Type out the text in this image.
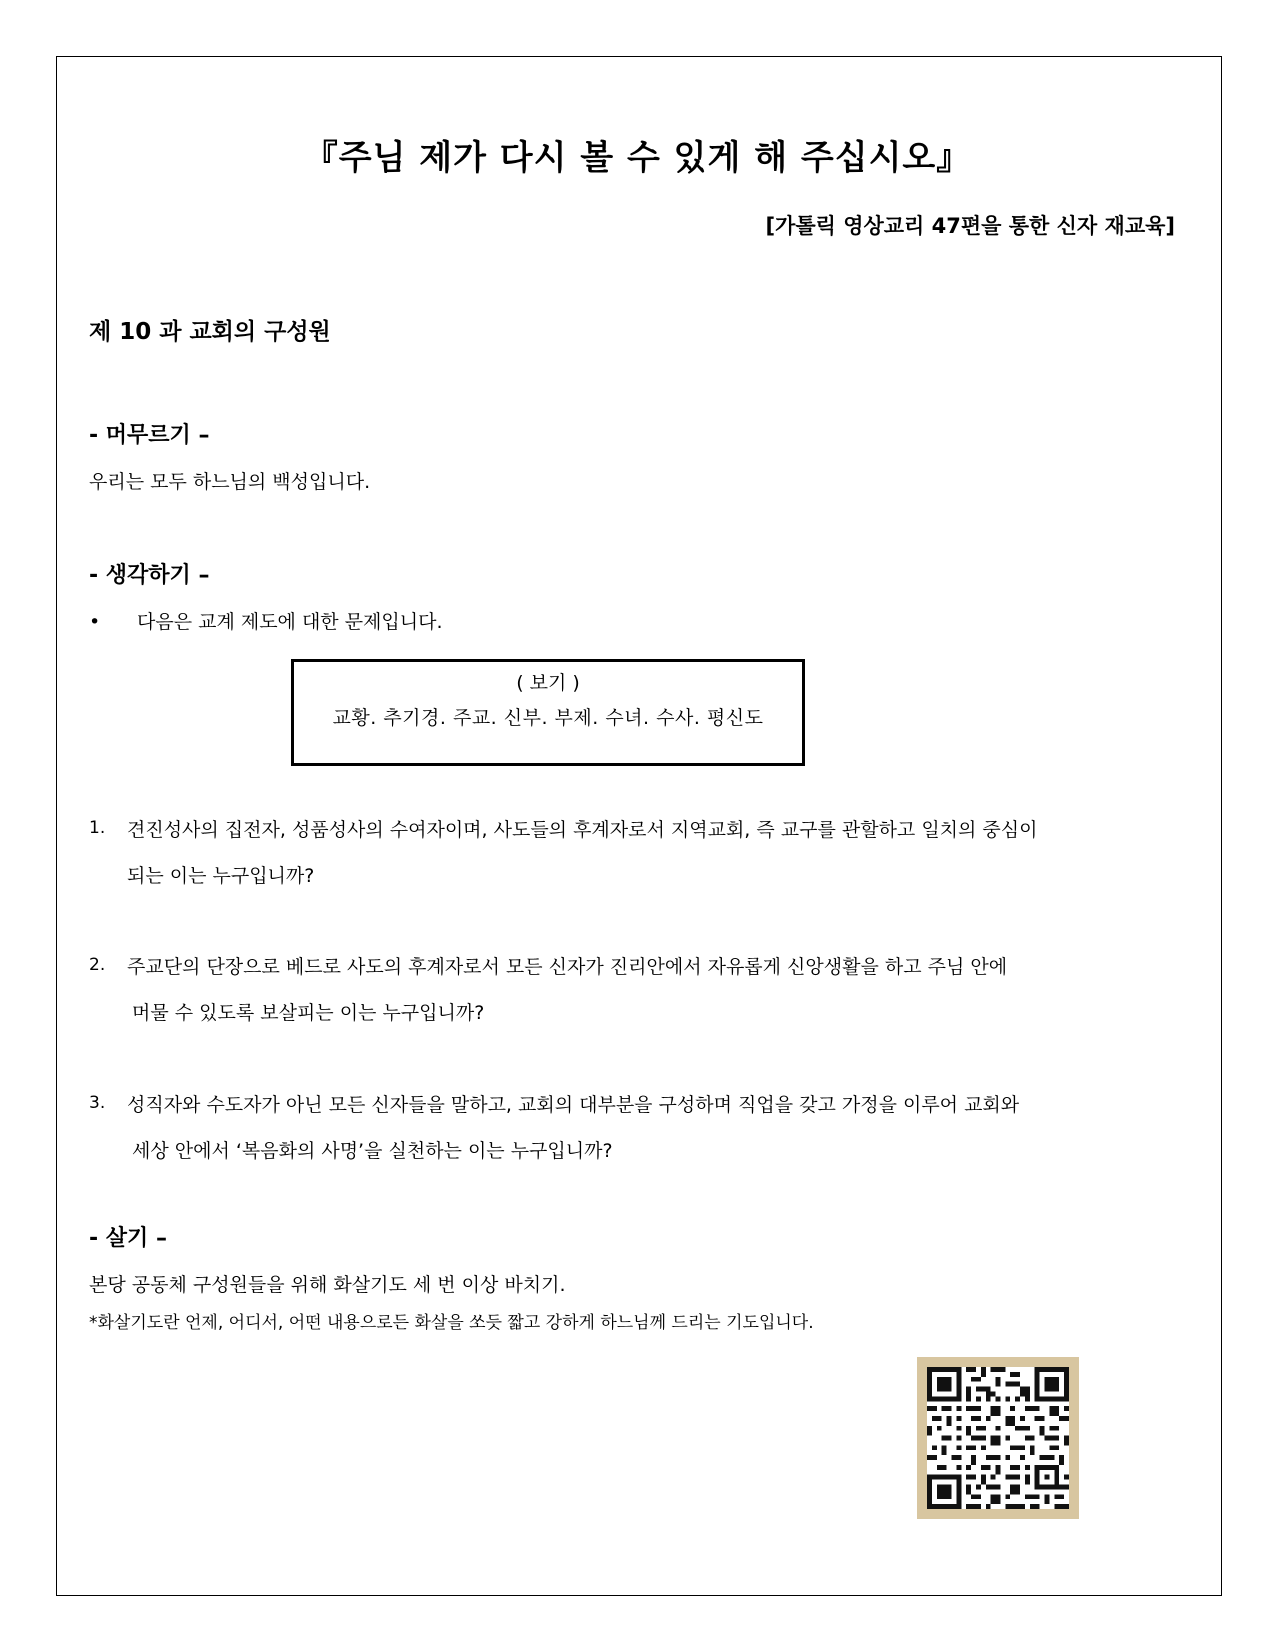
『주님 제가 다시 볼 수 있게 해 주십시오』
[가톨릭 영상교리 47편을 통한 신자 재교육]
제 10 과 교회의 구성원
- 머무르기 –
우리는 모두 하느님의 백성입니다.
- 생각하기 –
• 다음은 교계 제도에 대한 문제입니다.
( 보기 )
교황. 추기경. 주교. 신부. 부제. 수녀. 수사. 평신도
1. 견진성사의 집전자, 성품성사의 수여자이며, 사도들의 후계자로서 지역교회, 즉 교구를 관할하고 일치의 중심이
되는 이는 누구입니까?
2. 주교단의 단장으로 베드로 사도의 후계자로서 모든 신자가 진리안에서 자유롭게 신앙생활을 하고 주님 안에
머물 수 있도록 보살피는 이는 누구입니까?
3. 성직자와 수도자가 아닌 모든 신자들을 말하고, 교회의 대부분을 구성하며 직업을 갖고 가정을 이루어 교회와
세상 안에서 ‘복음화의 사명’을 실천하는 이는 누구입니까?
- 살기 –
본당 공동체 구성원들을 위해 화살기도 세 번 이상 바치기.
*화살기도란 언제, 어디서, 어떤 내용으로든 화살을 쏘듯 짧고 강하게 하느님께 드리는 기도입니다.
